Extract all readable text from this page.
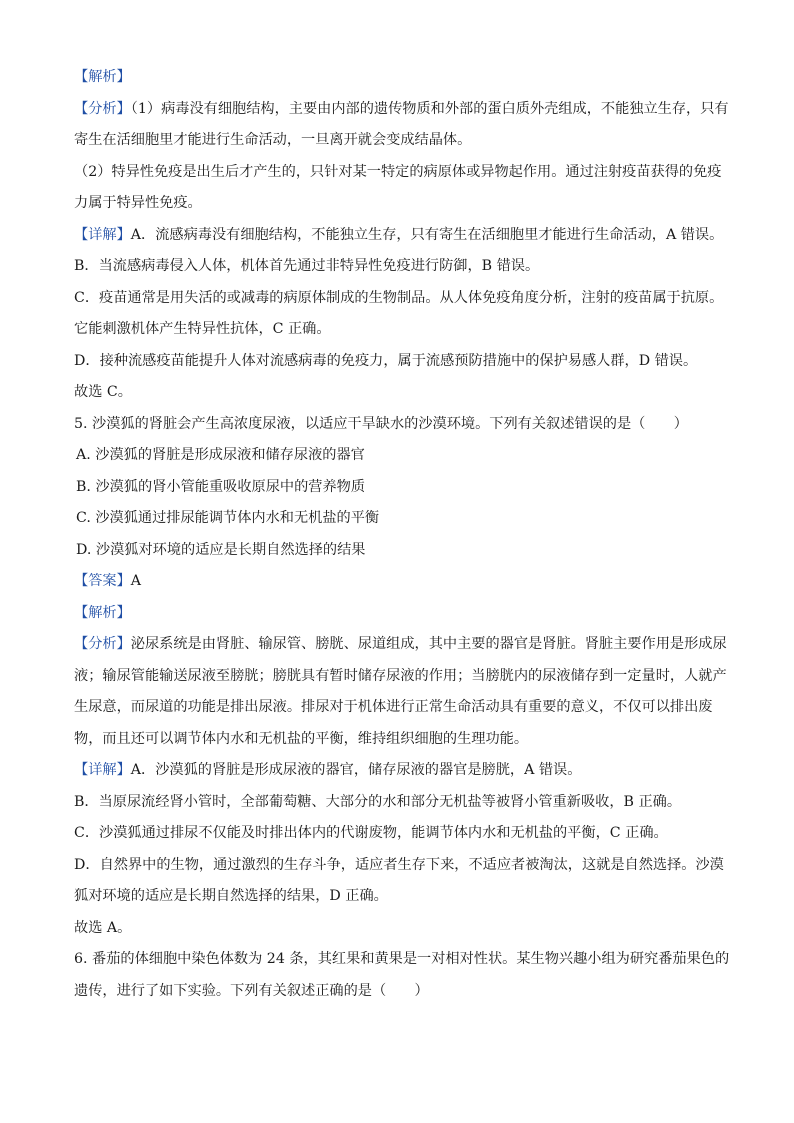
【解析】
【分析】（1）病毒没有细胞结构，主要由内部的遗传物质和外部的蛋白质外壳组成，不能独立生存，只有
寄生在活细胞里才能进行生命活动，一旦离开就会变成结晶体。
（2）特异性免疫是出生后才产生的，只针对某一特定的病原体或异物起作用。通过注射疫苗获得的免疫
力属于特异性免疫。
【详解】A．流感病毒没有细胞结构，不能独立生存，只有寄生在活细胞里才能进行生命活动，A 错误。
B．当流感病毒侵入人体，机体首先通过非特异性免疫进行防御，B 错误。
C．疫苗通常是用失活的或减毒的病原体制成的生物制品。从人体免疫角度分析，注射的疫苗属于抗原。
它能刺激机体产生特异性抗体，C 正确。
D．接种流感疫苗能提升人体对流感病毒的免疫力，属于流感预防措施中的保护易感人群，D 错误。
故选 C。
5. 沙漠狐的肾脏会产生高浓度尿液，以适应干旱缺水的沙漠环境。下列有关叙述错误的是（　　）
A. 沙漠狐的肾脏是形成尿液和储存尿液的器官
B. 沙漠狐的肾小管能重吸收原尿中的营养物质
C. 沙漠狐通过排尿能调节体内水和无机盐的平衡
D. 沙漠狐对环境的适应是长期自然选择的结果
【答案】A
【解析】
【分析】泌尿系统是由肾脏、输尿管、膀胱、尿道组成，其中主要的器官是肾脏。肾脏主要作用是形成尿
液；输尿管能输送尿液至膀胱；膀胱具有暂时储存尿液的作用；当膀胱内的尿液储存到一定量时，人就产
生尿意，而尿道的功能是排出尿液。排尿对于机体进行正常生命活动具有重要的意义，不仅可以排出废
物，而且还可以调节体内水和无机盐的平衡，维持组织细胞的生理功能。
【详解】A．沙漠狐的肾脏是形成尿液的器官，储存尿液的器官是膀胱，A 错误。
B．当原尿流经肾小管时，全部葡萄糖、大部分的水和部分无机盐等被肾小管重新吸收，B 正确。
C．沙漠狐通过排尿不仅能及时排出体内的代谢废物，能调节体内水和无机盐的平衡，C 正确。
D．自然界中的生物，通过激烈的生存斗争，适应者生存下来，不适应者被淘汰，这就是自然选择。沙漠
狐对环境的适应是长期自然选择的结果，D 正确。
故选 A。
6. 番茄的体细胞中染色体数为 24 条，其红果和黄果是一对相对性状。某生物兴趣小组为研究番茄果色的
遗传，进行了如下实验。下列有关叙述正确的是（　　）
